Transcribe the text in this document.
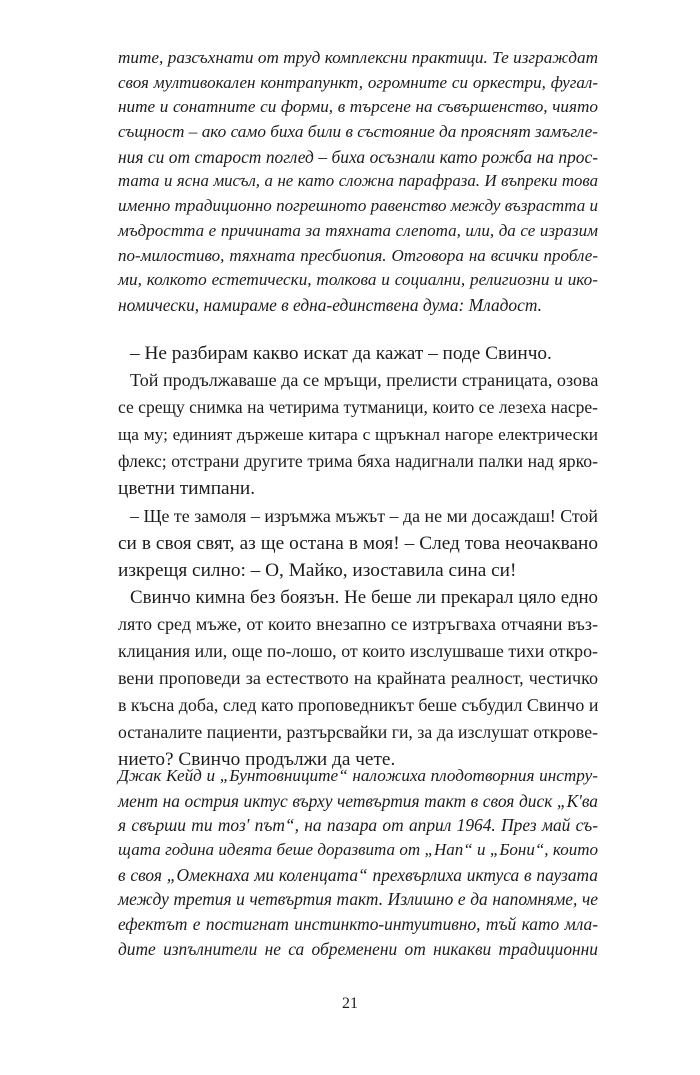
тите, разсъхнати от труд комплексни практици. Те изграждат
своя мултивокален контрапункт, огромните си оркестри, фугал-
ните и сонатните си форми, в търсене на съвършенство, чиято
същност – ако само биха били в състояние да прояснят замъгле-
ния си от старост поглед – биха осъзнали като рожба на прос-
тата и ясна мисъл, а не като сложна парафраза. И въпреки това
именно традиционно погрешното равенство между възрастта и
мъдростта е причината за тяхната слепота, или, да се изразим
по-милостиво, тяхната пресбиопия. Отговора на всички пробле-
ми, колкото естетически, толкова и социални, религиозни и ико-
номически, намираме в една-единствена дума: Младост.
– Не разбирам какво искат да кажат – поде Свинчо.
Той продължаваше да се мръщи, прелисти страницата, озова
се срещу снимка на четирима тутманици, които се лезеха насре-
ща му; единият държеше китара с щръкнал нагоре електрически
флекс; отстрани другите трима бяха надигнали палки над ярко-
цветни тимпани.
– Ще те замоля – изръмжа мъжът – да не ми досаждаш! Стой
си в своя свят, аз ще остана в моя! – След това неочаквано
изкрещя силно: – О, Майко, изоставила сина си!
Свинчо кимна без боязън. Не беше ли прекарал цяло едно
лято сред мъже, от които внезапно се изтръгваха отчаяни въз-
клицания или, още по-лошо, от които изслушваше тихи откро-
вени проповеди за естеството на крайната реалност, честичко
в късна доба, след като проповедникът беше събудил Свинчо и
останалите пациенти, разтърсвайки ги, за да изслушат откровe-
нието? Свинчо продължи да чете.
Джак Кейд и „Бунтовниците“ наложиха плодотворния инстру-
мент на острия иктус върху четвъртия такт в своя диск „К'ва
я свърши ти тоз' път“, на пазара от април 1964. През май съ-
щата година идеята беше доразвита от „Нап“ и „Бони“, които
в своя „Омекнаха ми коленцата“ прехвърлиха иктуса в паузата
между третия и четвъртия такт. Излишно е да напомняме, че
ефектът е постигнат инстинкто-интуитивно, тъй като мла-
дите изпълнители не са обременени от никакви традиционни
21
